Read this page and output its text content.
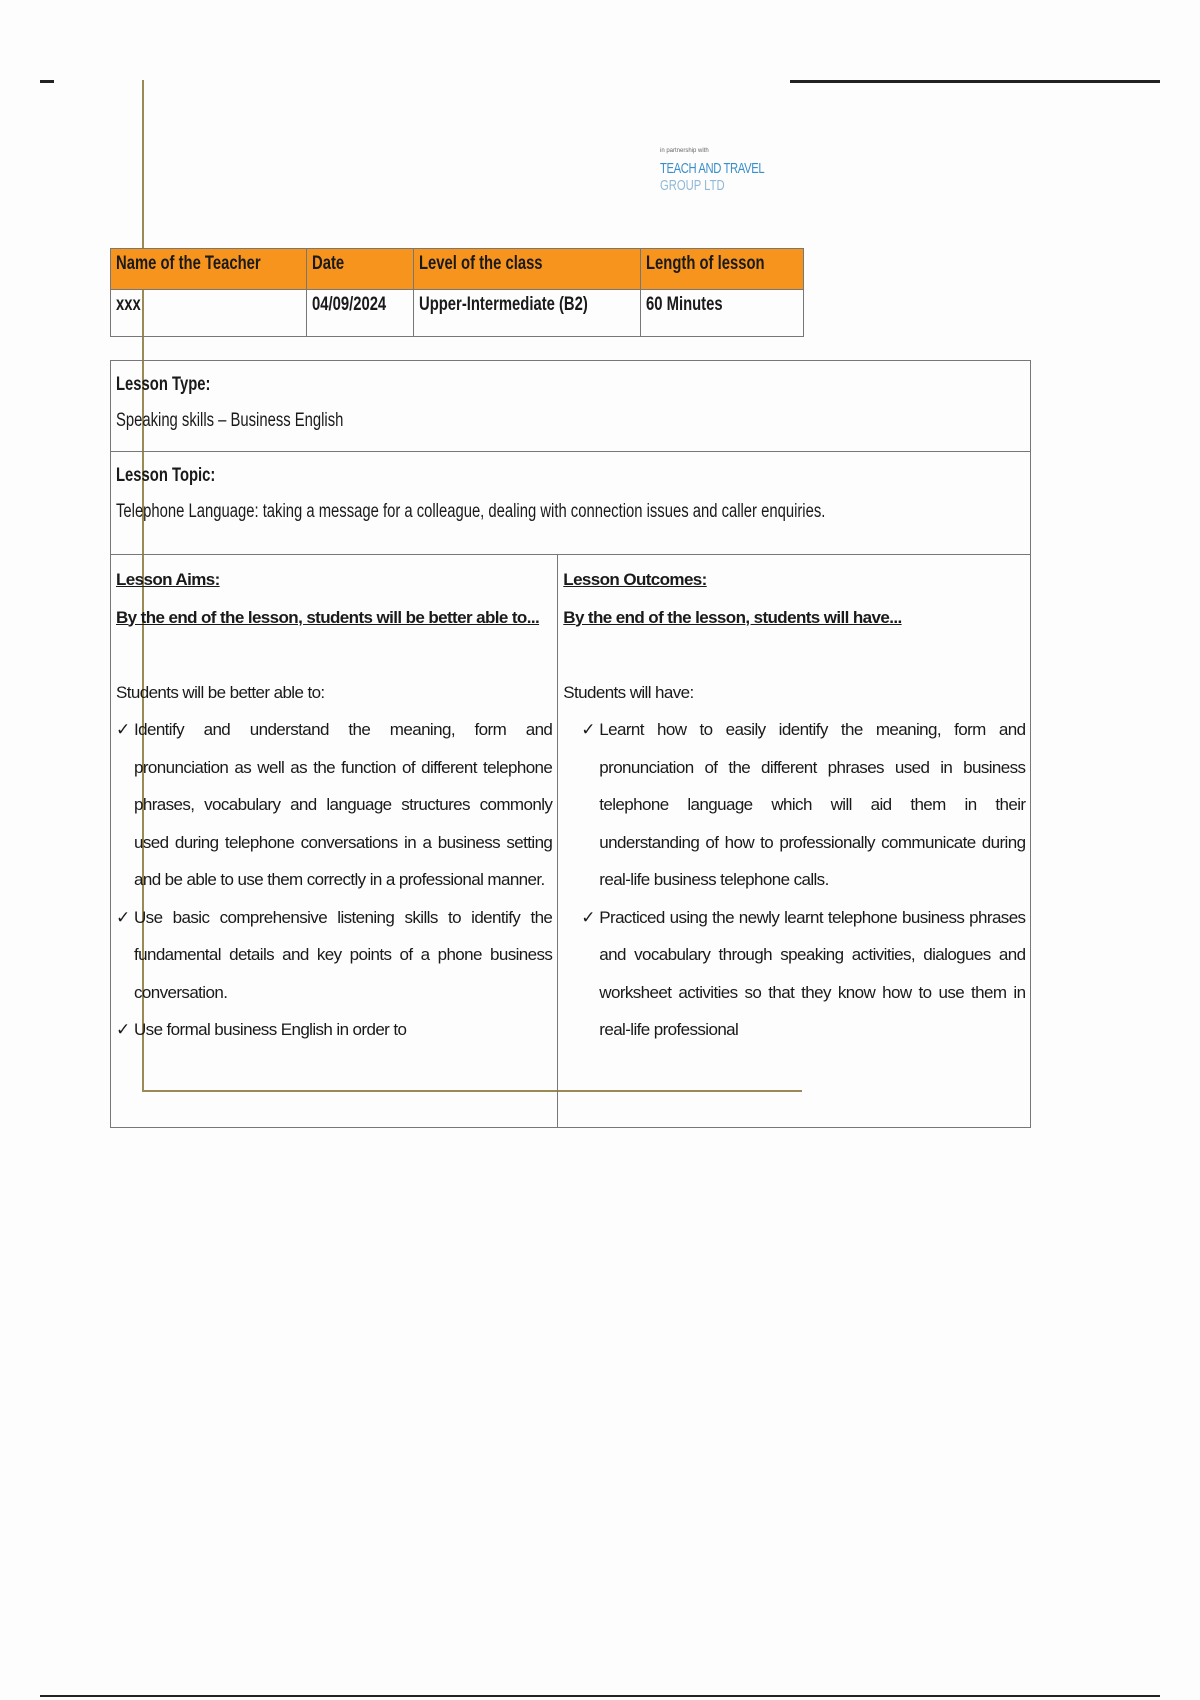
in partnership with
TEACH AND TRAVEL
GROUP LTD
Name of the Teacher	Date	Level of the class	Length of lesson
xxx	04/09/2024	Upper-Intermediate (B2)	60 Minutes
Lesson Type:
Speaking skills – Business English

Lesson Topic:
Telephone Language: taking a message for a colleague, dealing with connection issues and caller enquiries.

Lesson Aims:
By the end of the lesson, students will be better able to...

Students will be better able to:
✓ Identify and understand the meaning, form and pronunciation as well as the function of different telephone phrases, vocabulary and language structures commonly used during telephone conversations in a business setting and be able to use them correctly in a professional manner.
✓ Use basic comprehensive listening skills to identify the fundamental details and key points of a phone business conversation.
✓ Use formal business English in order to

Lesson Outcomes:
By the end of the lesson, students will have...

Students will have:
✓ Learnt how to easily identify the meaning, form and pronunciation of the different phrases used in business telephone language which will aid them in their understanding of how to professionally communicate during real-life business telephone calls.
✓ Practiced using the newly learnt telephone business phrases and vocabulary through speaking activities, dialogues and worksheet activities so that they know how to use them in real-life professional
